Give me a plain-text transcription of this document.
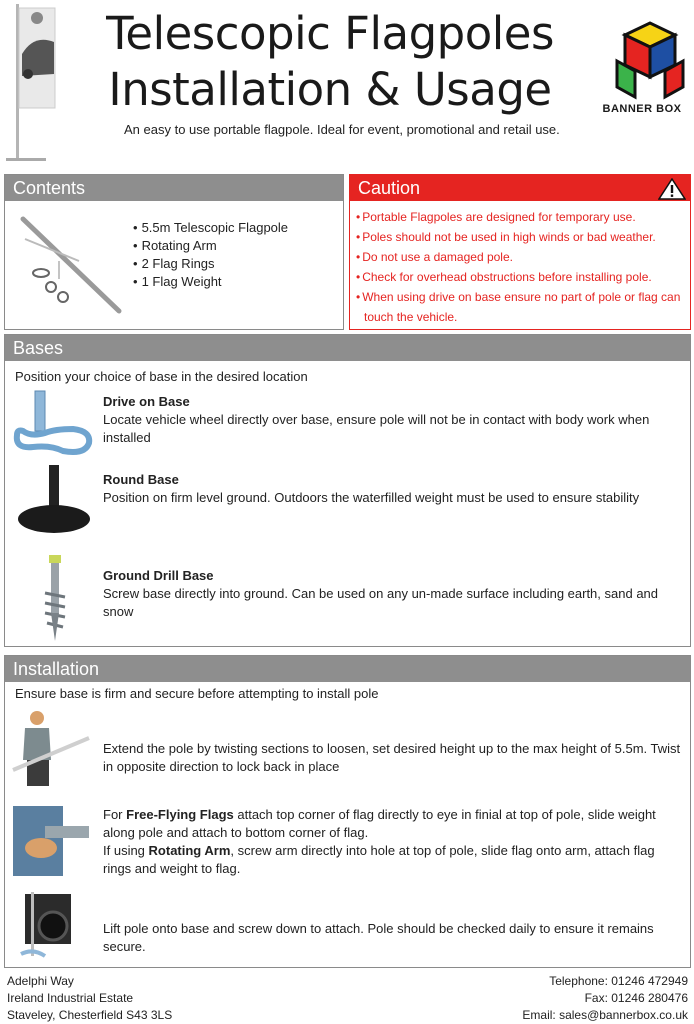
Telescopic Flagpoles
Installation & Usage
An easy to use portable flagpole. Ideal for event, promotional and retail use.
BANNER BOX
Contents
• 5.5m Telescopic Flagpole
• Rotating Arm
• 2 Flag Rings
• 1 Flag Weight
Caution
• Portable Flagpoles are designed for temporary use.
• Poles should not be used in high winds or bad weather.
• Do not use a damaged pole.
• Check for overhead obstructions before installing pole.
• When using drive on base ensure no part of pole or flag can touch the vehicle.
Bases
Position your choice of base in the desired location
Drive on Base
Locate vehicle wheel directly over base, ensure pole will not be in contact with body work when installed
Round Base
Position on firm level ground. Outdoors the waterfilled weight must be used to ensure stability
Ground Drill Base
Screw base directly into ground. Can be used on any un-made surface including earth, sand and snow
Installation
Ensure base is firm and secure before attempting to install pole
Extend the pole by twisting sections to loosen, set desired height up to the max height of 5.5m. Twist in opposite direction to lock back in place
For Free-Flying Flags attach top corner of flag directly to eye in finial at top of pole, slide weight along pole and attach to bottom corner of flag.
If using Rotating Arm, screw arm directly into hole at top of pole, slide flag onto arm, attach flag rings and weight to flag.
Lift pole onto base and screw down to attach. Pole should be checked daily to ensure it remains secure.
Adelphi Way
Ireland Industrial Estate
Staveley, Chesterfield S43 3LS
Telephone: 01246 472949
Fax: 01246 280476
Email: sales@bannerbox.co.uk
